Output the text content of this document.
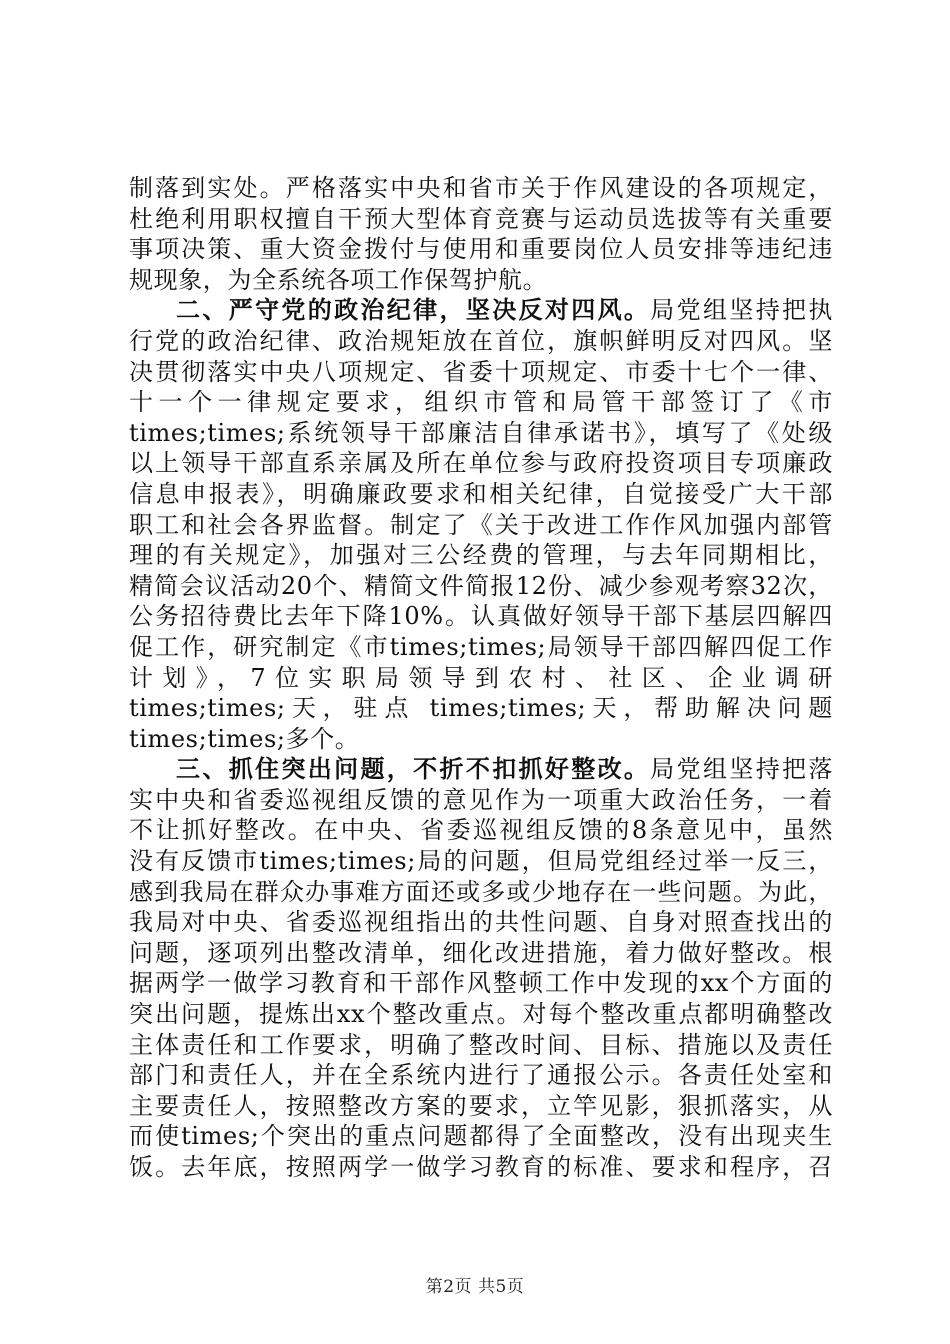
制落到实处。严格落实中央和省市关于作风建设的各项规定，
杜绝利用职权擅自干预大型体育竞赛与运动员选拔等有关重要
事项决策、重大资金拨付与使用和重要岗位人员安排等违纪违
规现象，为全系统各项工作保驾护航。
二、严守党的政治纪律，坚决反对四风。局党组坚持把执
行党的政治纪律、政治规矩放在首位，旗帜鲜明反对四风。坚
决贯彻落实中央八项规定、省委十项规定、市委十七个一律、
十一个一律规定要求，组织市管和局管干部签订了《市
times;times;系统领导干部廉洁自律承诺书》，填写了《处级
以上领导干部直系亲属及所在单位参与政府投资项目专项廉政
信息申报表》，明确廉政要求和相关纪律，自觉接受广大干部
职工和社会各界监督。制定了《关于改进工作作风加强内部管
理的有关规定》，加强对三公经费的管理，与去年同期相比，
精简会议活动20个、精简文件简报12份、减少参观考察32次，
公务招待费比去年下降10%。认真做好领导干部下基层四解四
促工作，研究制定《市times;times;局领导干部四解四促工作
计划》，7位实职局领导到农村、社区、企业调研
times;times;天，驻点 times;times;天，帮助解决问题
times;times;多个。
三、抓住突出问题，不折不扣抓好整改。局党组坚持把落
实中央和省委巡视组反馈的意见作为一项重大政治任务，一着
不让抓好整改。在中央、省委巡视组反馈的8条意见中，虽然
没有反馈市times;times;局的问题，但局党组经过举一反三，
感到我局在群众办事难方面还或多或少地存在一些问题。为此，
我局对中央、省委巡视组指出的共性问题、自身对照查找出的
问题，逐项列出整改清单，细化改进措施，着力做好整改。根
据两学一做学习教育和干部作风整顿工作中发现的xx个方面的
突出问题，提炼出xx个整改重点。对每个整改重点都明确整改
主体责任和工作要求，明确了整改时间、目标、措施以及责任
部门和责任人，并在全系统内进行了通报公示。各责任处室和
主要责任人，按照整改方案的要求，立竿见影，狠抓落实，从
而使times;个突出的重点问题都得了全面整改，没有出现夹生
饭。去年底，按照两学一做学习教育的标准、要求和程序，召
第2页 共5页
